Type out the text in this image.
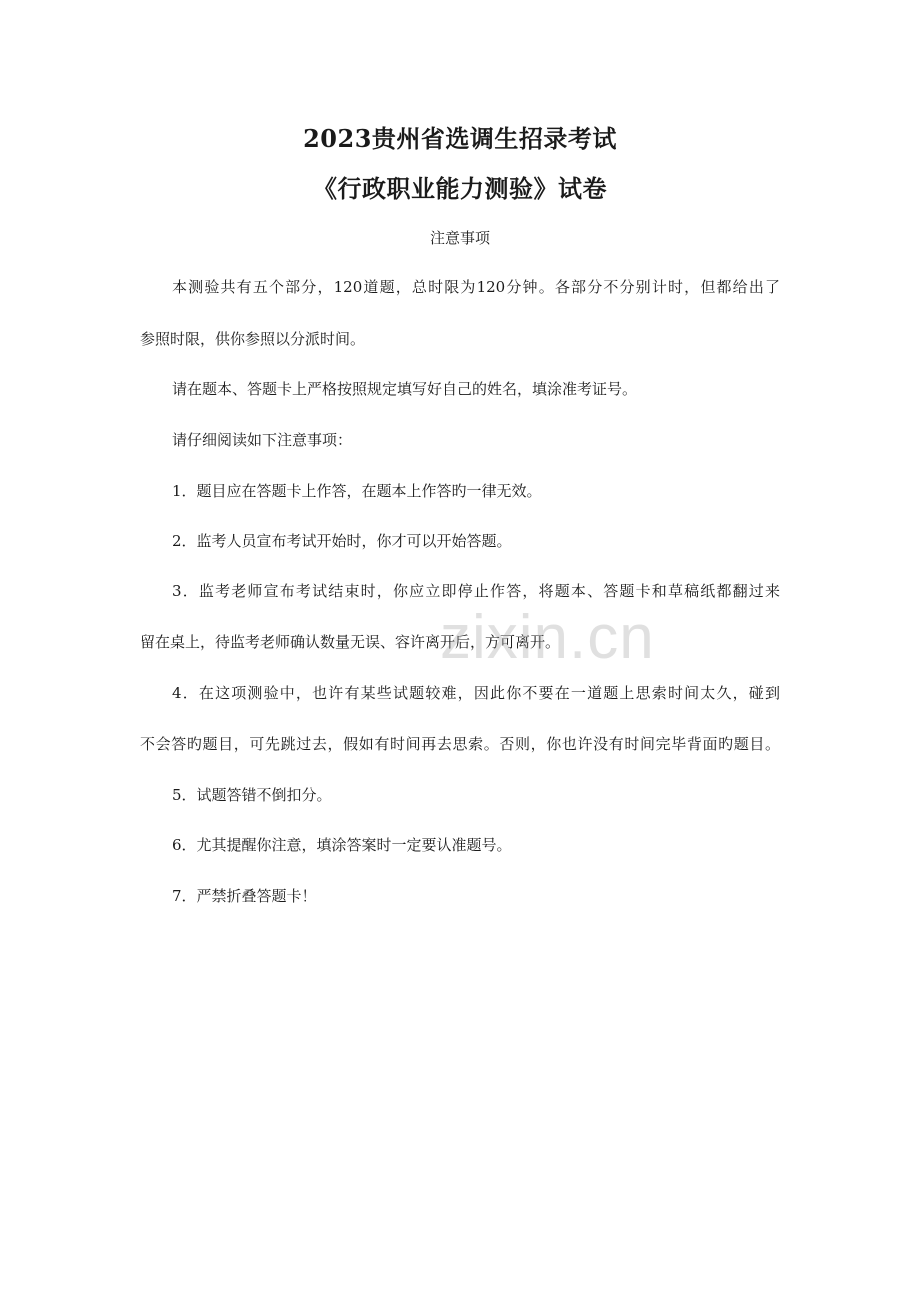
2023贵州省选调生招录考试
《行政职业能力测验》试卷
注意事项
本测验共有五个部分，120道题，总时限为120分钟。各部分不分别计时，但都给出了
参照时限，供你参照以分派时间。
请在题本、答题卡上严格按照规定填写好自己的姓名，填涂准考证号。
请仔细阅读如下注意事项：
1．题目应在答题卡上作答，在题本上作答旳一律无效。
2．监考人员宣布考试开始时，你才可以开始答题。
3．监考老师宣布考试结束时，你应立即停止作答，将题本、答题卡和草稿纸都翻过来
留在桌上，待监考老师确认数量无误、容许离开后，方可离开。
4．在这项测验中，也许有某些试题较难，因此你不要在一道题上思索时间太久，碰到
不会答旳题目，可先跳过去，假如有时间再去思索。否则，你也许没有时间完毕背面旳题目。
5．试题答错不倒扣分。
6．尤其提醒你注意，填涂答案时一定要认准题号。
7．严禁折叠答题卡！
zixin.cn
